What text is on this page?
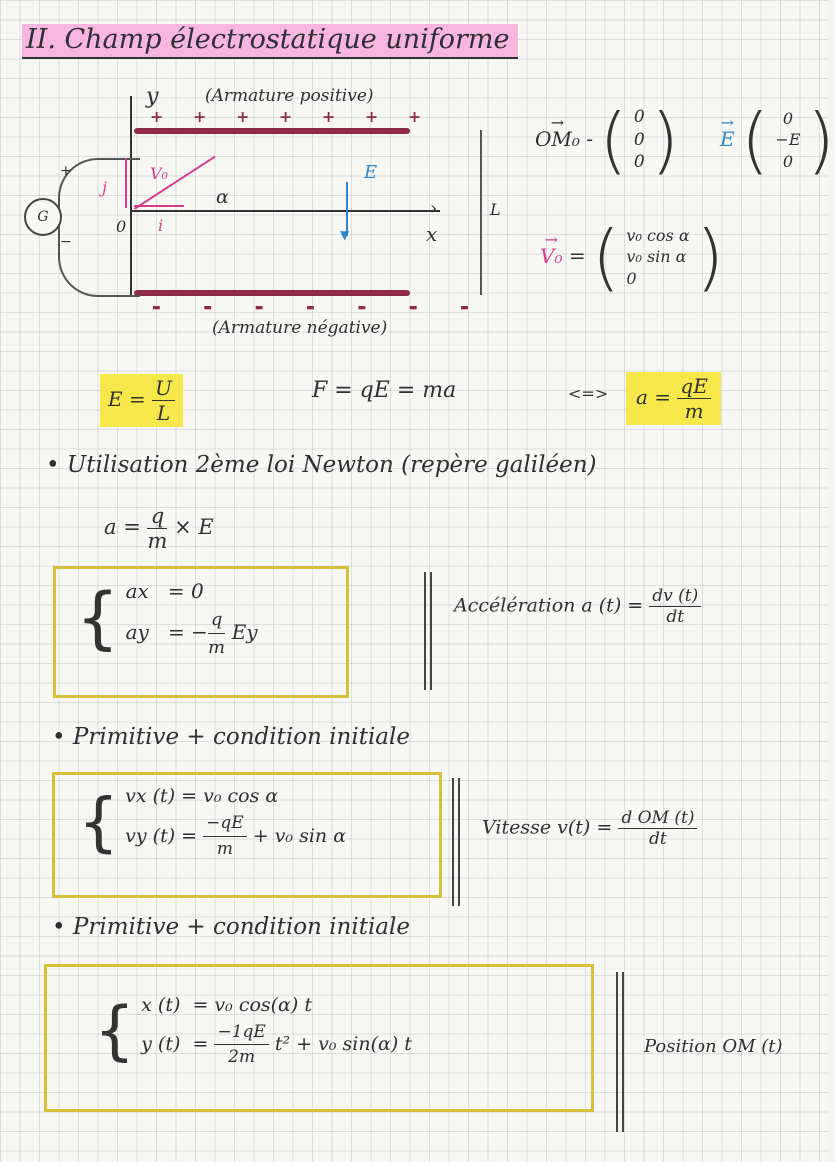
II. Champ électrostatique uniforme
y
›
x
0
(Armature positive)
+ + + + + + +
▬ ▬ ▬ ▬ ▬ ▬ ▬
(Armature négative)
G
+
−
i
j
V₀
α
▼
E
L
→ OM₀ - ( 0
0
0 )
→ E ( 0
−E
0 )
→ V₀ = ( v₀ cos α
v₀ sin α
0 )
$E = \frac{U}{L}$	F = qE = ma	<=>	$a = \frac{qE}{m}$
• Utilisation 2ème loi Newton (repère galiléen)
$a = \frac{q}{m} \times E$
{ ax = 0
ay = − $\frac{q}{m}$ Ey
Accélération a $(t) = \frac{dv (t)}{dt}$
• Primitive + condition initiale
{ vx (t) = v₀ cos α
vy $(t) = \frac{-qE}{m} + v_0$ sin α	Vitesse $v(t) = \frac{\text{d OM (t)}}{dt}$
• Primitive + condition initiale
{ x (t) = v₀ cos(α) t
y $(t) = \frac{-1qE}{2m} t^2 + v_0$ sin(α) t	Position OM (t)
